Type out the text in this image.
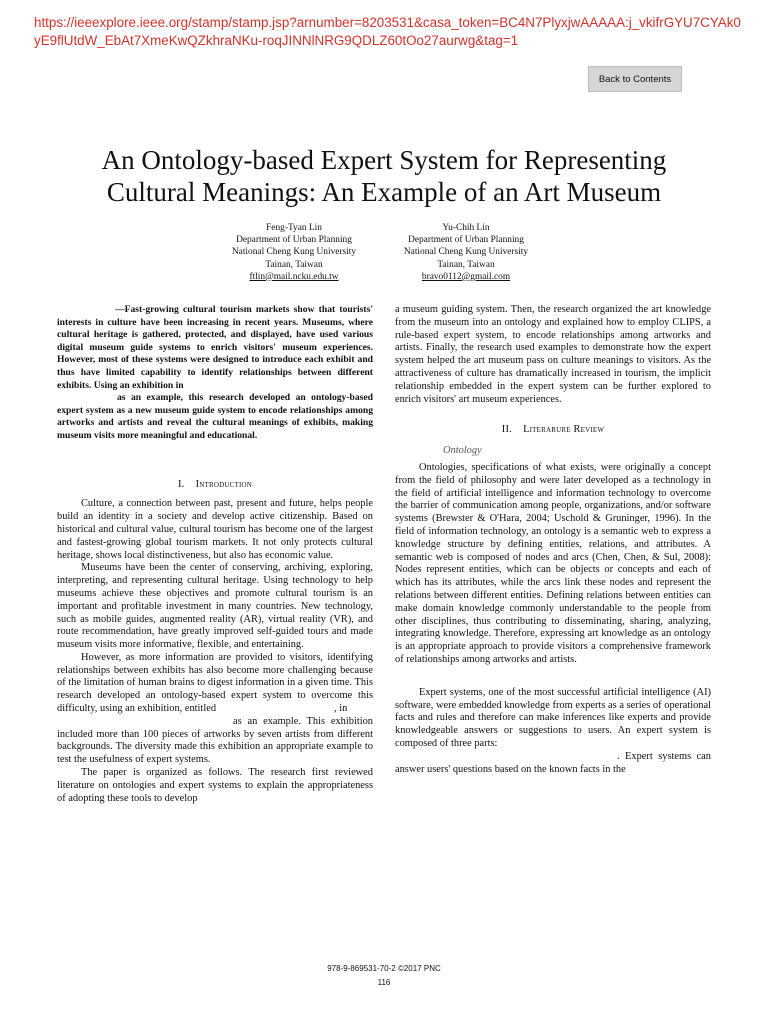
https://ieeexplore.ieee.org/stamp/stamp.jsp?arnumber=8203531&casa_token=BC4N7PlyxjwAAAAA:j_vkifrGYU7CYAk0yE9flUtdW_EbAt7XmeKwQZkhraNKu-roqJINNlNRG9QDLZ60tOo27aurwg&tag=1
Back to Contents
An Ontology-based Expert System for Representing
Cultural Meanings: An Example of an Art Museum
Feng-Tyan Lin
Department of Urban Planning
National Cheng Kung University
Tainan, Taiwan
ftlin@mail.ncku.edu.tw
Yu-Chih Lin
Department of Urban Planning
National Cheng Kung University
Tainan, Taiwan
bravo0112@gmail.com

—Fast-growing cultural tourism markets show that tourists' interests in culture have been increasing in recent years. Museums, where cultural heritage is gathered, protected, and displayed, have used various digital museum guide systems to enrich visitors' museum experiences. However, most of these systems were designed to introduce each exhibit and thus have limited capability to identify relationships between different exhibits. Using an exhibition in

as an example, this research developed an ontology-based expert system as a new museum guide system to encode relationships among artworks and artists and reveal the cultural meanings of exhibits, making museum visits more meaningful and educational.

I. Introduction

Culture, a connection between past, present and future, helps people build an identity in a society and develop active citizenship. Based on historical and cultural value, cultural tourism has become one of the largest and fastest-growing global tourism markets. It not only protects cultural heritage, shows local distinctiveness, but also has economic value.

Museums have been the center of conserving, archiving, exploring, interpreting, and representing cultural heritage. Using technology to help museums achieve these objectives and promote cultural tourism is an important and profitable investment in many countries. New technology, such as mobile guides, augmented reality (AR), virtual reality (VR), and route recommendation, have greatly improved self-guided tours and made museum visits more informative, flexible, and entertaining.

However, as more information are provided to visitors, identifying relationships between exhibits has also become more challenging because of the limitation of human brains to digest information in a given time. This research developed an ontology-based expert system to overcome this difficulty, using an exhibition, entitled	, in
as an example. This exhibition included more than 100 pieces of artworks by seven artists from different backgrounds. The diversity made this exhibition an appropriate example to test the usefulness of expert systems.

The paper is organized as follows. The research first reviewed literature on ontologies and expert systems to explain the appropriateness of adopting these tools to develop

a museum guiding system. Then, the research organized the art knowledge from the museum into an ontology and explained how to employ CLIPS, a rule-based expert system, to encode relationships among artworks and artists. Finally, the research used examples to demonstrate how the expert system helped the art museum pass on culture meanings to visitors. As the attractiveness of culture has dramatically increased in tourism, the implicit relationship embedded in the expert system can be further explored to enrich visitors' art museum experiences.

II. Literarure Review

Ontology

Ontologies, specifications of what exists, were originally a concept from the field of philosophy and were later developed as a technology in the field of artificial intelligence and information technology to overcome the barrier of communication among people, organizations, and/or software systems (Brewster & O'Hara, 2004; Uschold & Gruninger, 1996). In the field of information technology, an ontology is a semantic web to express a knowledge structure by defining entities, relations, and attributes. A semantic web is composed of nodes and arcs (Chen, Chen, & Sul, 2008): Nodes represent entities, which can be objects or concepts and each of which has its attributes, while the arcs link these nodes and represent the relations between different entities. Defining relations between entities can make domain knowledge commonly understandable to the people from other disciplines, thus contributing to disseminating, sharing, analyzing, integrating knowledge. Therefore, expressing art knowledge as an ontology is an appropriate approach to provide visitors a comprehensive framework of relationships among artworks and artists.

Expert systems, one of the most successful artificial intelligence (AI) software, were embedded knowledge from experts as a series of operational facts and rules and therefore can make inferences like experts and provide knowledgeable answers or suggestions to users. An expert system is composed of three parts:
. Expert systems can answer users' questions based on the known facts in the

978-9-869531-70-2 ©2017 PNC
116
